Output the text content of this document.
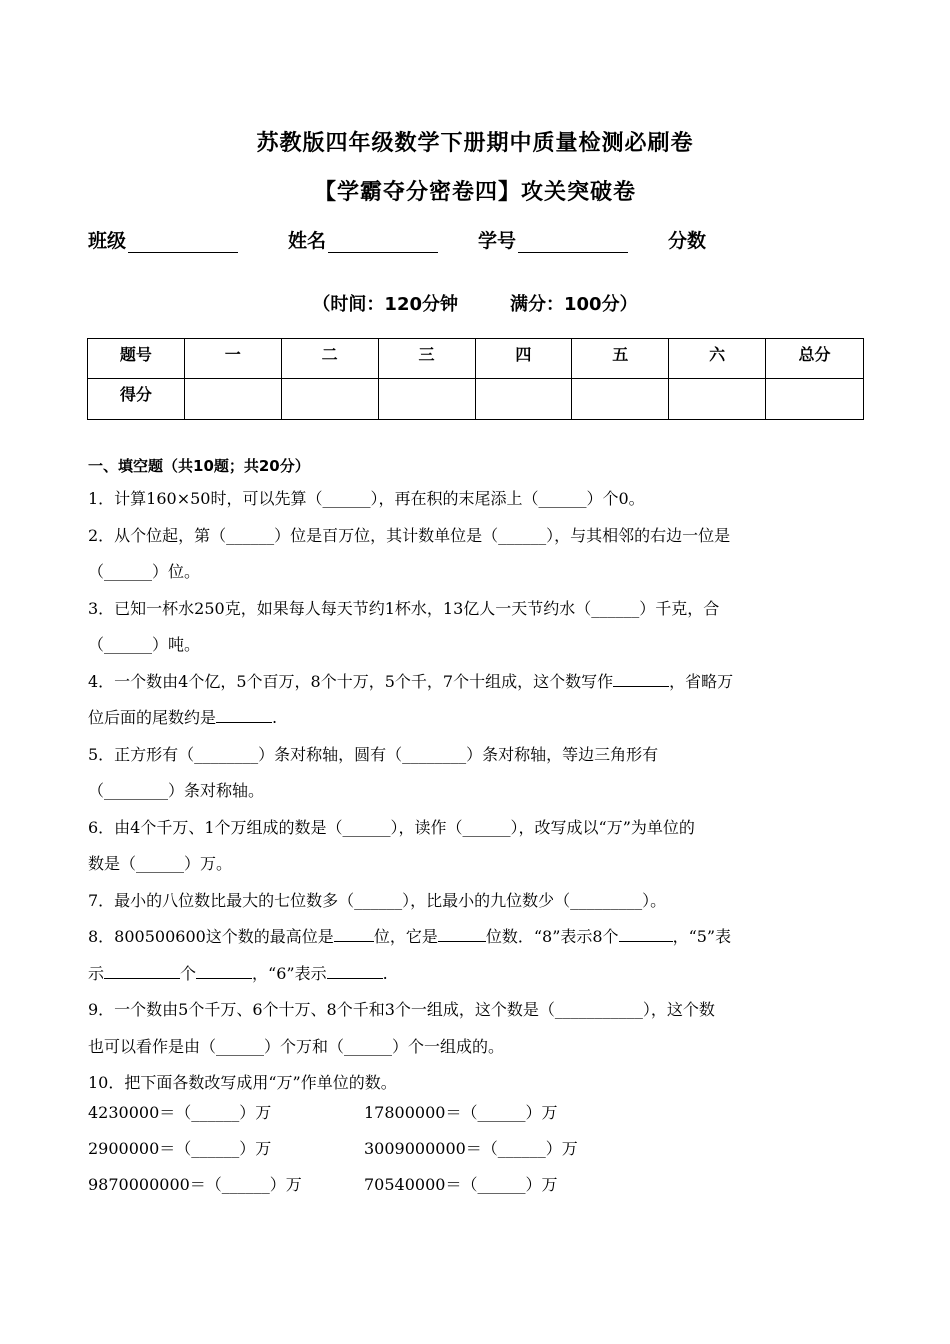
苏教版四年级数学下册期中质量检测必刷卷
【学霸夺分密卷四】攻关突破卷
班级	姓名	学号	分数
（时间：120分钟	满分：100分）
题号	一	二	三	四	五	六	总分
得分							
一、填空题（共10题；共20分）
1．计算160×50时，可以先算（______），再在积的末尾添上（______）个0。
2．从个位起，第（______）位是百万位，其计数单位是（______），与其相邻的右边一位是
（______）位。
3．已知一杯水250克，如果每人每天节约1杯水，13亿人一天节约水（______）千克，合
（______）吨。
4．一个数由4个亿，5个百万，8个十万，5个千，7个十组成，这个数写作	，省略万
位后面的尾数约是	.
5．正方形有（________）条对称轴，圆有（________）条对称轴，等边三角形有
（________）条对称轴。
6．由4个千万、1个万组成的数是（______），读作（______），改写成以“万”为单位的
数是（______）万。
7．最小的八位数比最大的七位数多（______），比最小的九位数少（_________）。
8．800500600这个数的最高位是	位，它是	位数．“8”表示8个	，“5”表
示	个	，“6”表示	.
9．一个数由5个千万、6个十万、8个千和3个一组成，这个数是（___________），这个数
也可以看作是由（______）个万和（______）个一组成的。
10．把下面各数改写成用“万”作单位的数。
4230000＝（______）万	17800000＝（______）万
2900000＝（______）万	3009000000＝（______）万
9870000000＝（______）万	70540000＝（______）万
